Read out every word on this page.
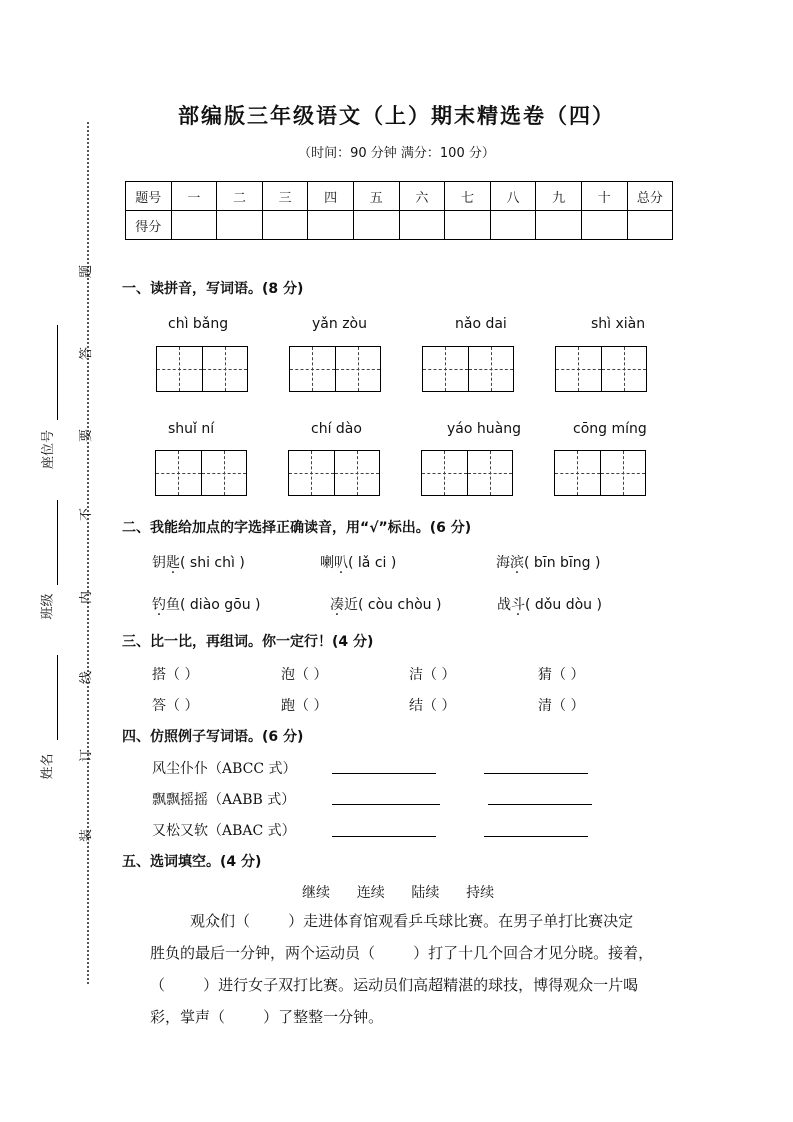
部编版三年级语文（上）期末精选卷（四）
（时间：90 分钟 满分：100 分）
题号	一	二	三	四	五	六	七	八	九	十	总分
得分											
题
答
要
不
内
线
订
装
座位号
班级
姓名
一、读拼音，写词语。(8 分)
chì bǎng	yǎn zòu	nǎo dai	shì xiàn
shuǐ ní	chí dào	yáo huàng	cōng míng
二、我能给加点的字选择正确读音，用“√”标出。(6 分)
钥匙( shi chì )	喇叭( lǎ ci )	海滨( bīn bīng )
钓鱼( diào gōu )	凑近( còu chòu )	战斗( dǒu dòu )
三、比一比，再组词。你一定行！(4 分)
搭（ ）	泡（ ）	洁（ ）	猜（ ）
答（ ）	跑（ ）	结（ ）	清（ ）
四、仿照例子写词语。(6 分)
风尘仆仆（ABCC 式）
飘飘摇摇（AABB 式）
又松又软（ABAC 式）
五、选词填空。(4 分)
继续      连续      陆续      持续
观众们（        ）走进体育馆观看乒乓球比赛。在男子单打比赛决定
胜负的最后一分钟，两个运动员（        ）打了十几个回合才见分晓。接着，
（        ）进行女子双打比赛。运动员们高超精湛的球技，博得观众一片喝
彩，掌声（        ）了整整一分钟。
